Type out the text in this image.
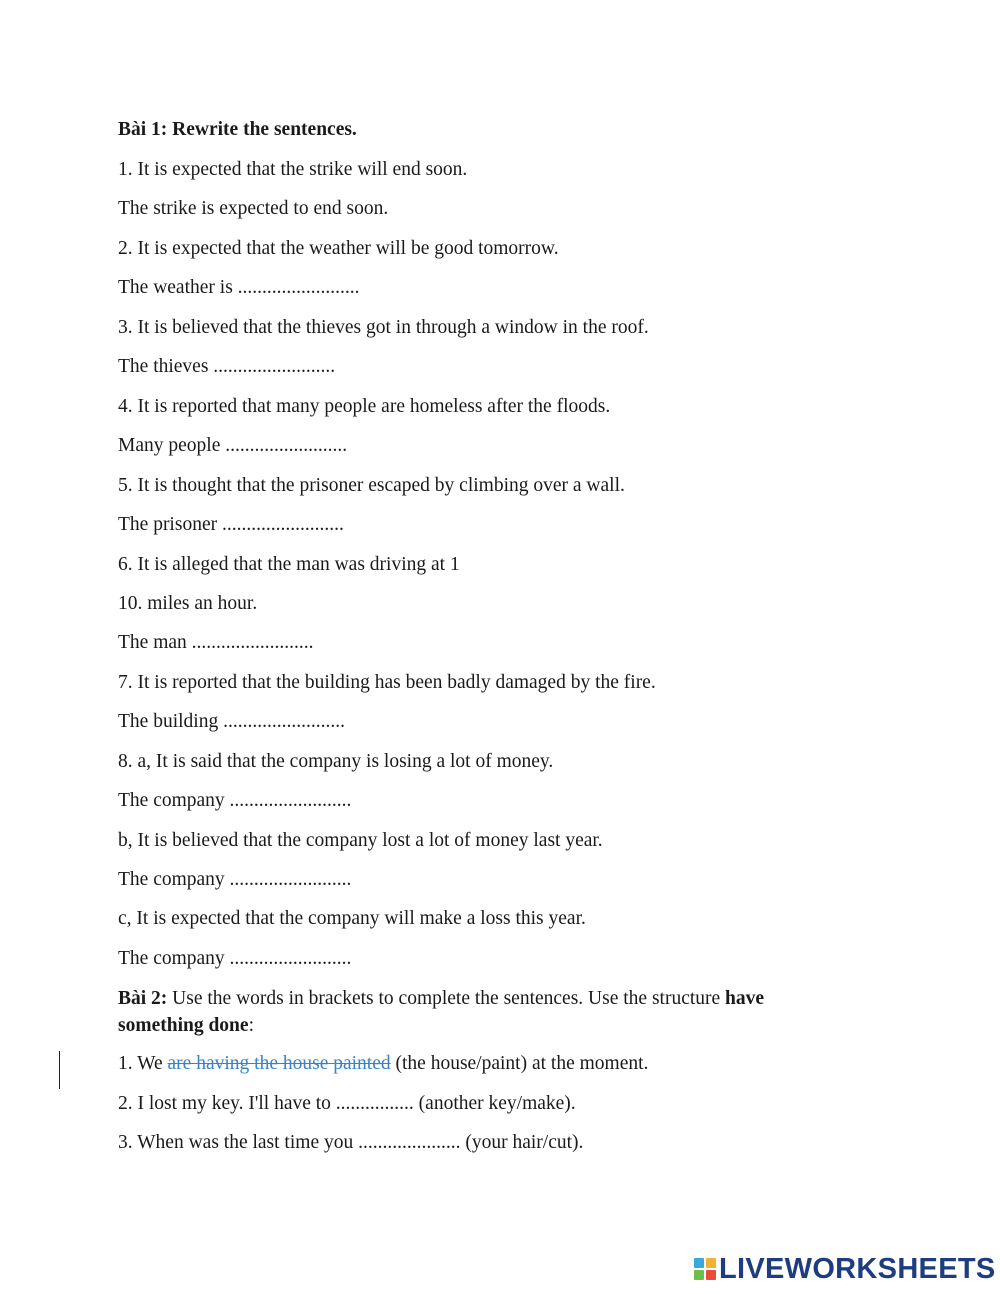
Bài 1: Rewrite the sentences.
1. It is expected that the strike will end soon.
The strike is expected to end soon.
2. It is expected that the weather will be good tomorrow.
The weather is .........................
3. It is believed that the thieves got in through a window in the roof.
The thieves .........................
4. It is reported that many people are homeless after the floods.
Many people .........................
5. It is thought that the prisoner escaped by climbing over a wall.
The prisoner .........................
6. It is alleged that the man was driving at 1
10. miles an hour.
The man .........................
7. It is reported that the building has been badly damaged by the fire.
The building .........................
8. a, It is said that the company is losing a lot of money.
The company .........................
b, It is believed that the company lost a lot of money last year.
The company .........................
c, It is expected that the company will make a loss this year.
The company .........................
Bài 2: Use the words in brackets to complete the sentences. Use the structure have something done:
1. We are having the house painted (the house/paint) at the moment.
2. I lost my key. I'll have to ................ (another key/make).
3. When was the last time you ..................... (your hair/cut).
LIVEWORKSHEETS
